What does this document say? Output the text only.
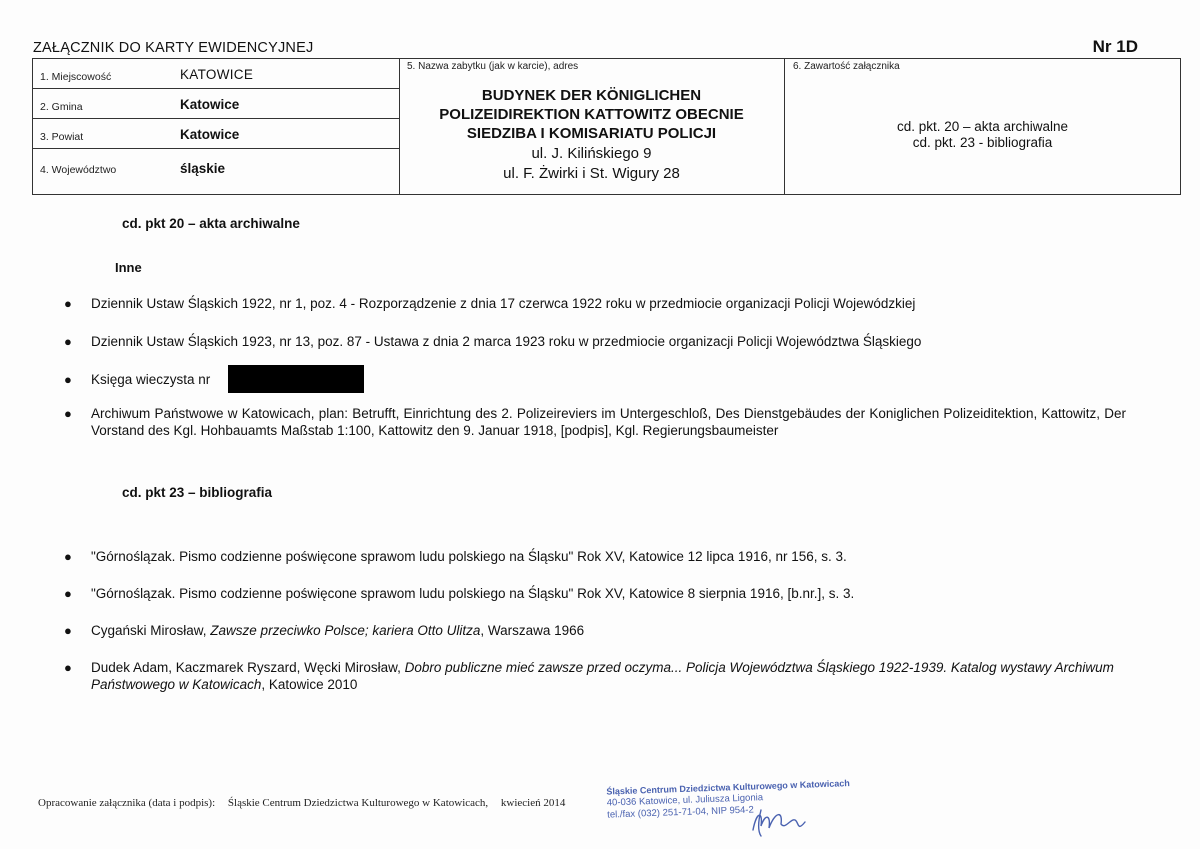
ZAŁĄCZNIK DO KARTY EWIDENCYJNEJ	Nr 1D
1. Miejscowość	KATOWICE
2. Gmina	Katowice
3. Powiat	Katowice
4. Województwo	śląskie
5. Nazwa zabytku (jak w karcie), adres
BUDYNEK DER KÖNIGLICHEN
POLIZEIDIREKTION KATTOWITZ OBECNIE
SIEDZIBA I KOMISARIATU POLICJI
ul. J. Kilińskiego 9
ul. F. Żwirki i St. Wigury 28
6. Zawartość załącznika
cd. pkt. 20 – akta archiwalne
cd. pkt. 23 - bibliografia
cd. pkt 20 – akta archiwalne
Inne
● Dziennik Ustaw Śląskich 1922, nr 1, poz. 4 - Rozporządzenie z dnia 17 czerwca 1922 roku w przedmiocie organizacji Policji Wojewódzkiej
● Dziennik Ustaw Śląskich 1923, nr 13, poz. 87 - Ustawa z dnia 2 marca 1923 roku w przedmiocie organizacji Policji Województwa Śląskiego
● Księga wieczysta nr
● Archiwum Państwowe w Katowicach, plan: Betrufft, Einrichtung des 2. Polizeireviers im Untergeschloß, Des Dienstgebäudes der Koniglichen Polizeiditektion, Kattowitz, Der Vorstand des Kgl. Hohbauamts Maßstab 1:100, Kattowitz den 9. Januar 1918, [podpis], Kgl. Regierungsbaumeister
cd. pkt 23 – bibliografia
● "Górnoślązak. Pismo codzienne poświęcone sprawom ludu polskiego na Śląsku" Rok XV, Katowice 12 lipca 1916, nr 156, s. 3.
● "Górnoślązak. Pismo codzienne poświęcone sprawom ludu polskiego na Śląsku" Rok XV, Katowice 8 sierpnia 1916, [b.nr.], s. 3.
● Cygański Mirosław, Zawsze przeciwko Polsce; kariera Otto Ulitza, Warszawa 1966
● Dudek Adam, Kaczmarek Ryszard, Węcki Mirosław, Dobro publiczne mieć zawsze przed oczyma... Policja Województwa Śląskiego 1922-1939. Katalog wystawy Archiwum Państwowego w Katowicach, Katowice 2010
Opracowanie załącznika (data i podpis): Śląskie Centrum Dziedzictwa Kulturowego w Katowicach, kwiecień 2014
Śląskie Centrum Dziedzictwa Kulturowego w Katowicach
40-036 Katowice, ul. Juliusza Ligonia
tel./fax (032) 251-71-04, NIP 954-2
